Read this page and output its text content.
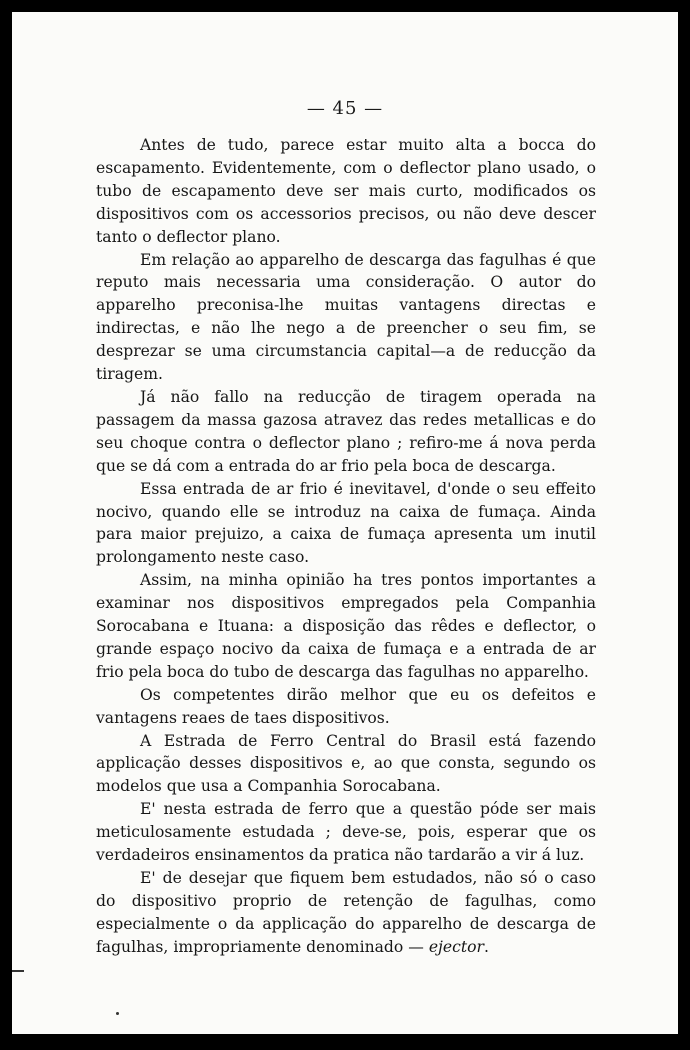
— 45 —

Antes de tudo, parece estar muito alta a bocca do escapamento. Evidentemente, com o deflector plano usado, o tubo de escapamento deve ser mais curto, modificados os dispositivos com os accessorios precisos, ou não deve descer tanto o deflector plano.

Em relação ao apparelho de descarga das fagulhas é que reputo mais necessaria uma consideração. O autor do apparelho preconisa-lhe muitas vantagens directas e indirectas, e não lhe nego a de preencher o seu fim, se desprezar se uma circumstancia capital—a de reducção da tiragem.

Já não fallo na reducção de tiragem operada na passagem da massa gazosa atravez das redes metallicas e do seu choque contra o deflector plano ; refiro-me á nova perda que se dá com a entrada do ar frio pela boca de descarga.

Essa entrada de ar frio é inevitavel, d'onde o seu effeito nocivo, quando elle se introduz na caixa de fumaça. Ainda para maior prejuizo, a caixa de fumaça apresenta um inutil prolongamento neste caso.

Assim, na minha opinião ha tres pontos importantes a examinar nos dispositivos empregados pela Companhia Sorocabana e Ituana: a disposição das rêdes e deflector, o grande espaço nocivo da caixa de fumaça e a entrada de ar frio pela boca do tubo de descarga das fagulhas no apparelho.

Os competentes dirão melhor que eu os defeitos e vantagens reaes de taes dispositivos.

A Estrada de Ferro Central do Brasil está fazendo applicação desses dispositivos e, ao que consta, segundo os modelos que usa a Companhia Sorocabana.

E' nesta estrada de ferro que a questão póde ser mais meticulosamente estudada ; deve-se, pois, esperar que os verdadeiros ensinamentos da pratica não tardarão a vir á luz.

E' de desejar que fiquem bem estudados, não só o caso do dispositivo proprio de retenção de fagulhas, como especialmente o da applicação do apparelho de descarga de fagulhas, impropriamente denominado — ejector.
